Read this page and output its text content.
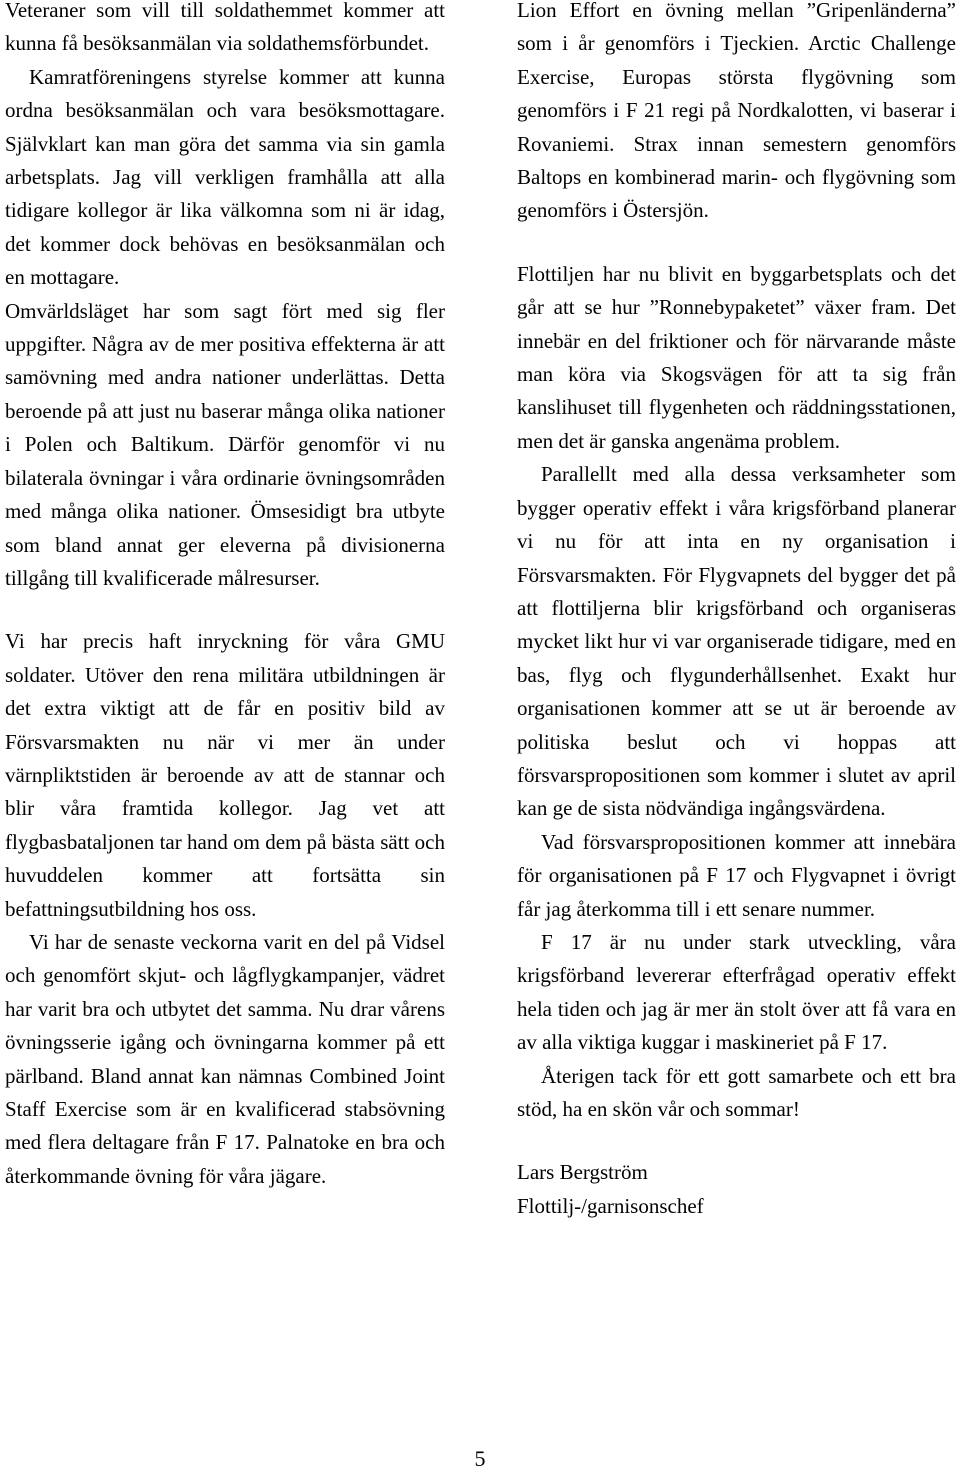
Veteraner som vill till soldathemmet kommer att kunna få besöksanmälan via soldathemsförbundet.

Kamratföreningens styrelse kommer att kunna ordna besöksanmälan och vara besöksmottagare. Självklart kan man göra det samma via sin gamla arbetsplats. Jag vill verkligen framhålla att alla tidigare kollegor är lika välkomna som ni är idag, det kommer dock behövas en besöksanmälan och en mottagare.

Omvärldsläget har som sagt fört med sig fler uppgifter. Några av de mer positiva effekterna är att samövning med andra nationer underlättas. Detta beroende på att just nu baserar många olika nationer i Polen och Baltikum. Därför genomför vi nu bilaterala övningar i våra ordinarie övningsområden med många olika nationer. Ömsesidigt bra utbyte som bland annat ger eleverna på divisionerna tillgång till kvalificerade målresurser.

Vi har precis haft inryckning för våra GMU soldater. Utöver den rena militära utbildningen är det extra viktigt att de får en positiv bild av Försvarsmakten nu när vi mer än under värnpliktstiden är beroende av att de stannar och blir våra framtida kollegor. Jag vet att flygbasbataljonen tar hand om dem på bästa sätt och huvuddelen kommer att fortsätta sin befattningsutbildning hos oss.

Vi har de senaste veckorna varit en del på Vidsel och genomfört skjut- och lågflygkampanjer, vädret har varit bra och utbytet det samma. Nu drar vårens övningsserie igång och övningarna kommer på ett pärlband. Bland annat kan nämnas Combined Joint Staff Exercise som är en kvalificerad stabsövning med flera deltagare från F 17. Palnatoke en bra och återkommande övning för våra jägare.

Lion Effort en övning mellan ”Gripenländerna” som i år genomförs i Tjeckien. Arctic Challenge Exercise, Europas största flygövning som genomförs i F 21 regi på Nordkalotten, vi baserar i Rovaniemi. Strax innan semestern genomförs Baltops en kombinerad marin- och flygövning som genomförs i Östersjön.

Flottiljen har nu blivit en byggarbetsplats och det går att se hur ”Ronnebypaketet” växer fram. Det innebär en del friktioner och för närvarande måste man köra via Skogsvägen för att ta sig från kanslihuset till flygenheten och räddningsstationen, men det är ganska angenäma problem.

Parallellt med alla dessa verksamheter som bygger operativ effekt i våra krigsförband planerar vi nu för att inta en ny organisation i Försvarsmakten. För Flygvapnets del bygger det på att flottiljerna blir krigsförband och organiseras mycket likt hur vi var organiserade tidigare, med en bas, flyg och flygunderhållsenhet. Exakt hur organisationen kommer att se ut är beroende av politiska beslut och vi hoppas att försvarspropositionen som kommer i slutet av april kan ge de sista nödvändiga ingångsvärdena.

Vad försvarspropositionen kommer att innebära för organisationen på F 17 och Flygvapnet i övrigt får jag återkomma till i ett senare nummer.

F 17 är nu under stark utveckling, våra krigsförband levererar efterfrågad operativ effekt hela tiden och jag är mer än stolt över att få vara en av alla viktiga kuggar i maskineriet på F 17.

Återigen tack för ett gott samarbete och ett bra stöd, ha en skön vår och sommar!

Lars Bergström
Flottilj-/garnisonschef
5
